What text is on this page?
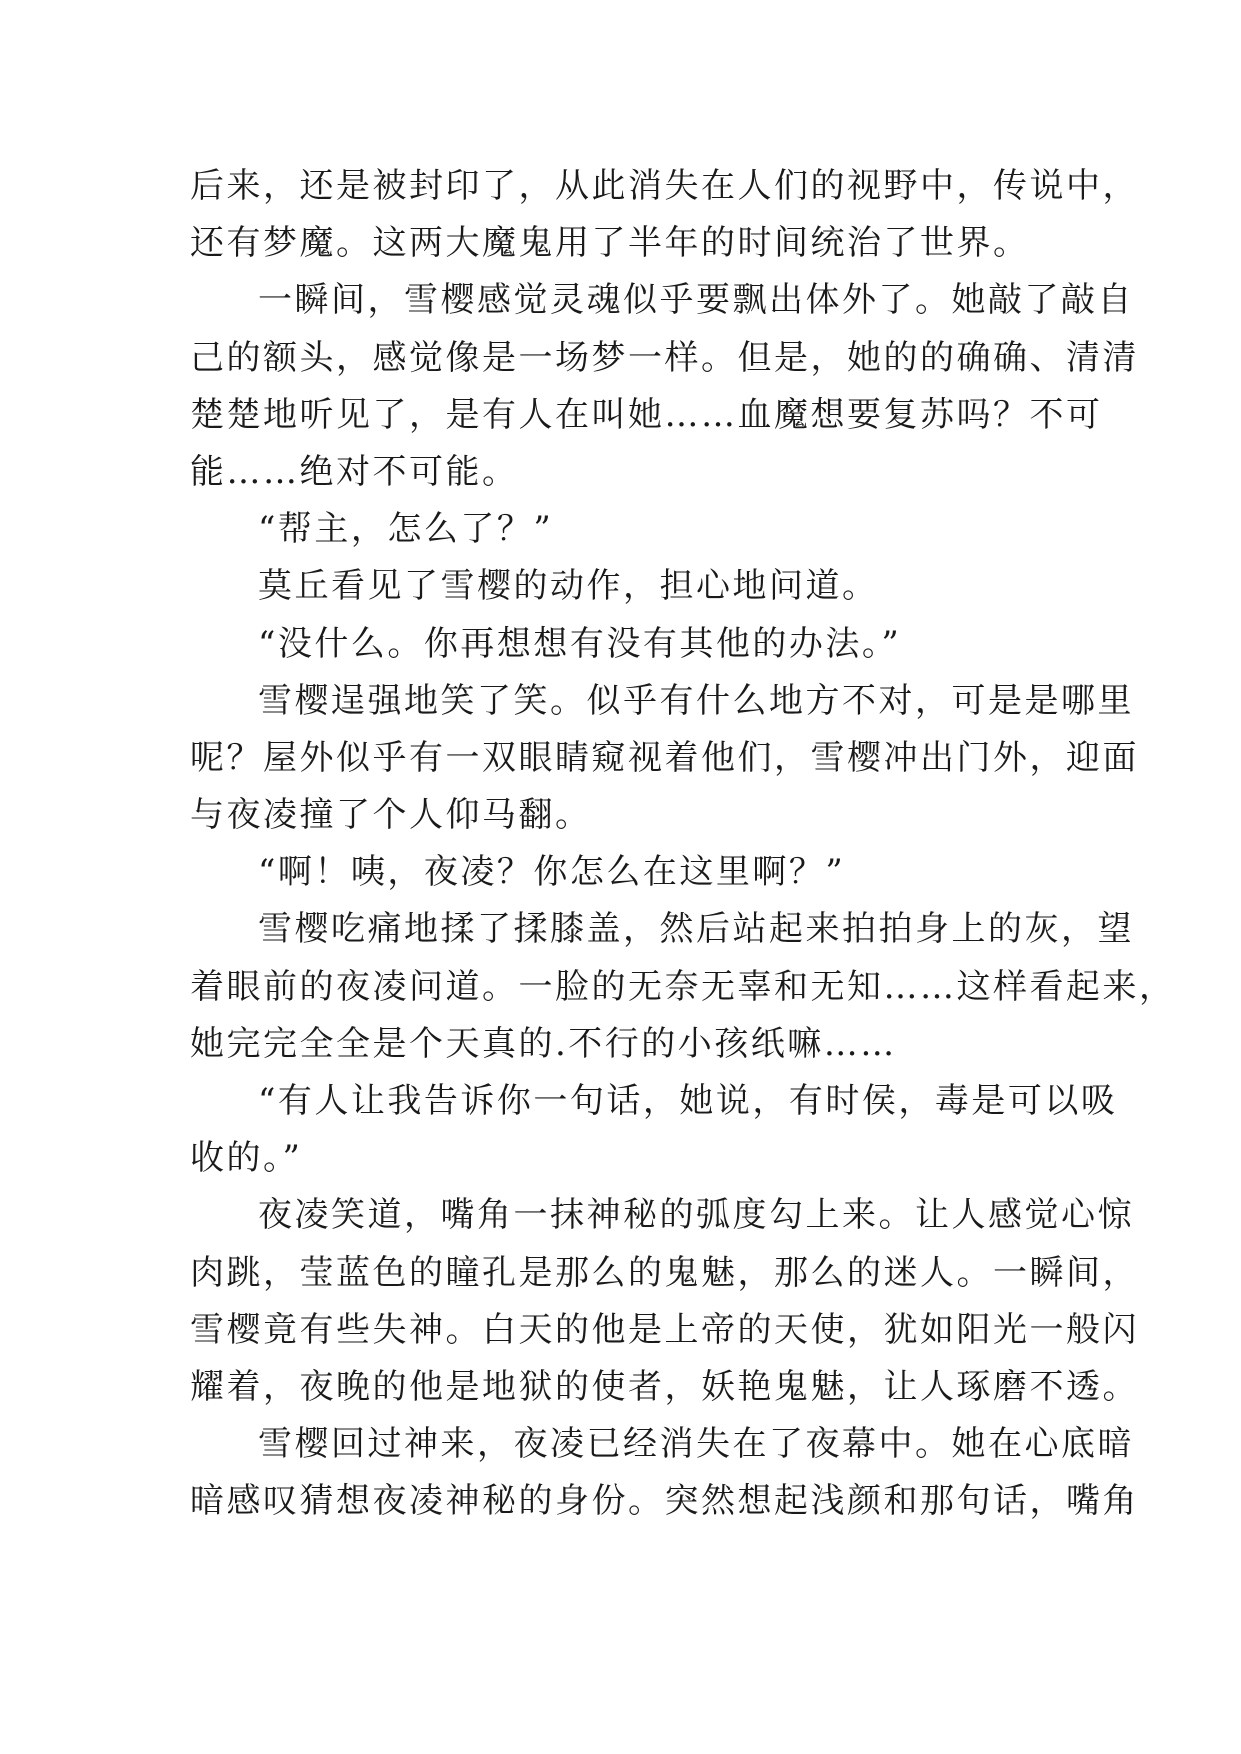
后来，还是被封印了，从此消失在人们的视野中，传说中，
还有梦魔。这两大魔鬼用了半年的时间统治了世界。
一瞬间，雪樱感觉灵魂似乎要飘出体外了。她敲了敲自
己的额头，感觉像是一场梦一样。但是，她的的确确、清清
楚楚地听见了，是有人在叫她……血魔想要复苏吗？不可
能……绝对不可能。
“帮主，怎么了？”
莫丘看见了雪樱的动作，担心地问道。
“没什么。你再想想有没有其他的办法。”
雪樱逞强地笑了笑。似乎有什么地方不对，可是是哪里
呢？屋外似乎有一双眼睛窥视着他们，雪樱冲出门外，迎面
与夜凌撞了个人仰马翻。
“啊！咦，夜凌？你怎么在这里啊？”
雪樱吃痛地揉了揉膝盖，然后站起来拍拍身上的灰，望
着眼前的夜凌问道。一脸的无奈无辜和无知……这样看起来，
她完完全全是个天真的.不行的小孩纸嘛……
“有人让我告诉你一句话，她说，有时侯，毒是可以吸
收的。”
夜凌笑道，嘴角一抹神秘的弧度勾上来。让人感觉心惊
肉跳，莹蓝色的瞳孔是那么的鬼魅，那么的迷人。一瞬间，
雪樱竟有些失神。白天的他是上帝的天使，犹如阳光一般闪
耀着，夜晚的他是地狱的使者，妖艳鬼魅，让人琢磨不透。
雪樱回过神来，夜凌已经消失在了夜幕中。她在心底暗
暗感叹猜想夜凌神秘的身份。突然想起浅颜和那句话，嘴角
